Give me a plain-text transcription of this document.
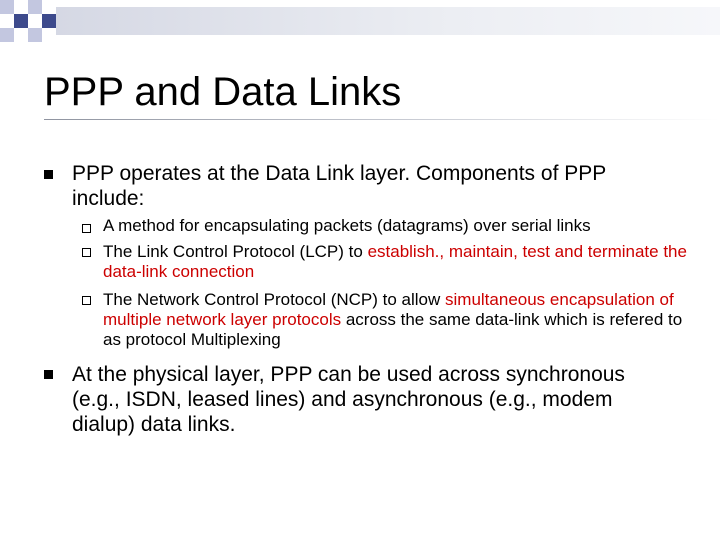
PPP and Data Links

PPP operates at the Data Link layer. Components of PPP include:

A method for encapsulating packets (datagrams) over serial links

The Link Control Protocol (LCP) to establish., maintain, test and terminate the data-link connection

The Network Control Protocol (NCP) to allow simultaneous encapsulation of multiple network layer protocols across the same data-link which is refered to as protocol Multiplexing

At the physical layer, PPP can be used across synchronous (e.g., ISDN, leased lines) and asynchronous (e.g., modem dialup) data links.
